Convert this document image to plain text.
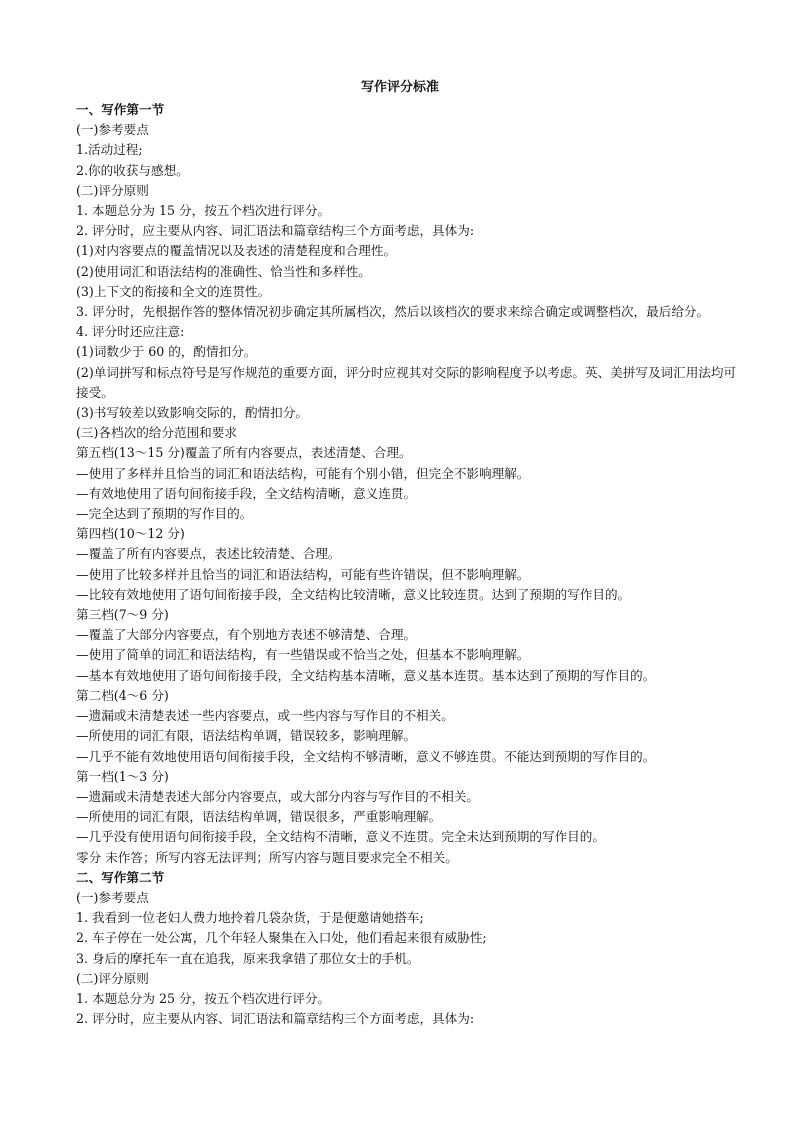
写作评分标准
一、写作第一节
(一)参考要点
1.活动过程;
2.你的收获与感想。
(二)评分原则
1. 本题总分为 15 分，按五个档次进行评分。
2. 评分时，应主要从内容、词汇语法和篇章结构三个方面考虑，具体为:
(1)对内容要点的覆盖情况以及表述的清楚程度和合理性。
(2)使用词汇和语法结构的准确性、恰当性和多样性。
(3)上下文的衔接和全文的连贯性。
3. 评分时，先根据作答的整体情况初步确定其所属档次，然后以该档次的要求来综合确定或调整档次，最后给分。
4. 评分时还应注意:
(1)词数少于 60 的，酌情扣分。
(2)单词拼写和标点符号是写作规范的重要方面，评分时应视其对交际的影响程度予以考虑。英、美拼写及词汇用法均可接受。
(3)书写较差以致影响交际的，酌情扣分。
(三)各档次的给分范围和要求
第五档(13～15 分)覆盖了所有内容要点，表述清楚、合理。
—使用了多样并且恰当的词汇和语法结构，可能有个别小错，但完全不影响理解。
—有效地使用了语句间衔接手段，全文结构清晰，意义连贯。
—完全达到了预期的写作目的。
第四档(10～12 分)
—覆盖了所有内容要点，表述比较清楚、合理。
—使用了比较多样并且恰当的词汇和语法结构，可能有些许错误，但不影响理解。
—比较有效地使用了语句间衔接手段，全文结构比较清晰，意义比较连贯。达到了预期的写作目的。
第三档(7～9 分)
—覆盖了大部分内容要点，有个别地方表述不够清楚、合理。
—使用了简单的词汇和语法结构，有一些错误或不恰当之处，但基本不影响理解。
—基本有效地使用了语句间衔接手段，全文结构基本清晰，意义基本连贯。基本达到了预期的写作目的。
第二档(4～6 分)
—遗漏或未清楚表述一些内容要点，或一些内容与写作目的不相关。
—所使用的词汇有限，语法结构单调，错误较多，影响理解。
—几乎不能有效地使用语句间衔接手段，全文结构不够清晰，意义不够连贯。不能达到预期的写作目的。
第一档(1～3 分)
—遗漏或未清楚表述大部分内容要点，或大部分内容与写作目的不相关。
—所使用的词汇有限，语法结构单调，错误很多，严重影响理解。
—几乎没有使用语句间衔接手段，全文结构不清晰，意义不连贯。完全未达到预期的写作目的。
零分 未作答；所写内容无法评判；所写内容与题目要求完全不相关。
二、写作第二节
(一)参考要点
1. 我看到一位老妇人费力地拎着几袋杂货，于是便邀请她搭车;
2. 车子停在一处公寓，几个年轻人聚集在入口处，他们看起来很有威胁性;
3. 身后的摩托车一直在追我，原来我拿错了那位女士的手机。
(二)评分原则
1. 本题总分为 25 分，按五个档次进行评分。
2. 评分时，应主要从内容、词汇语法和篇章结构三个方面考虑，具体为:
